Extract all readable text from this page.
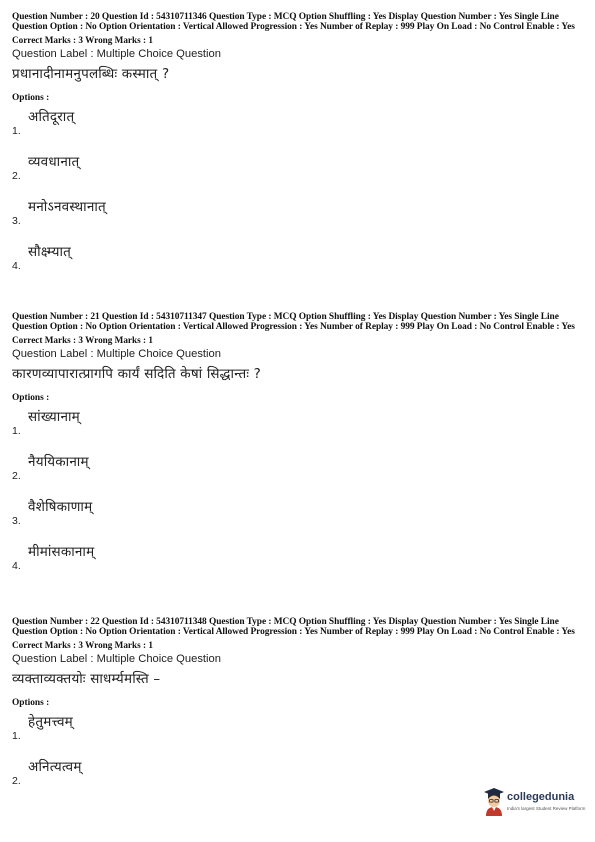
Question Number : 20 Question Id : 54310711346 Question Type : MCQ Option Shuffling : Yes Display Question Number : Yes Single Line Question Option : No Option Orientation : Vertical Allowed Progression : Yes Number of Replay : 999 Play On Load : No Control Enable : Yes

Correct Marks : 3 Wrong Marks : 1
Question Label : Multiple Choice Question
प्रधानादीनामनुपलब्धिः कस्मात् ?
Options :
1.
अतिदूरात्
2.
व्यवधानात्
3.
मनोऽनवस्थानात्
4.
सौक्ष्म्यात्

Question Number : 21 Question Id : 54310711347 Question Type : MCQ Option Shuffling : Yes Display Question Number : Yes Single Line Question Option : No Option Orientation : Vertical Allowed Progression : Yes Number of Replay : 999 Play On Load : No Control Enable : Yes

Correct Marks : 3 Wrong Marks : 1
Question Label : Multiple Choice Question
कारणव्यापारात्प्रागपि कार्यं सदिति केषां सिद्धान्तः ?
Options :
1.
सांख्यानाम्
2.
नैययिकानाम्
3.
वैशेषिकाणाम्
4.
मीमांसकानाम्

Question Number : 22 Question Id : 54310711348 Question Type : MCQ Option Shuffling : Yes Display Question Number : Yes Single Line Question Option : No Option Orientation : Vertical Allowed Progression : Yes Number of Replay : 999 Play On Load : No Control Enable : Yes

Correct Marks : 3 Wrong Marks : 1
Question Label : Multiple Choice Question
व्यक्ताव्यक्तयोः साधर्म्यमस्ति –
Options :
1.
हेतुमत्त्वम्
2.
अनित्यत्वम्
collegedunia
India's largest Student Review Platform
